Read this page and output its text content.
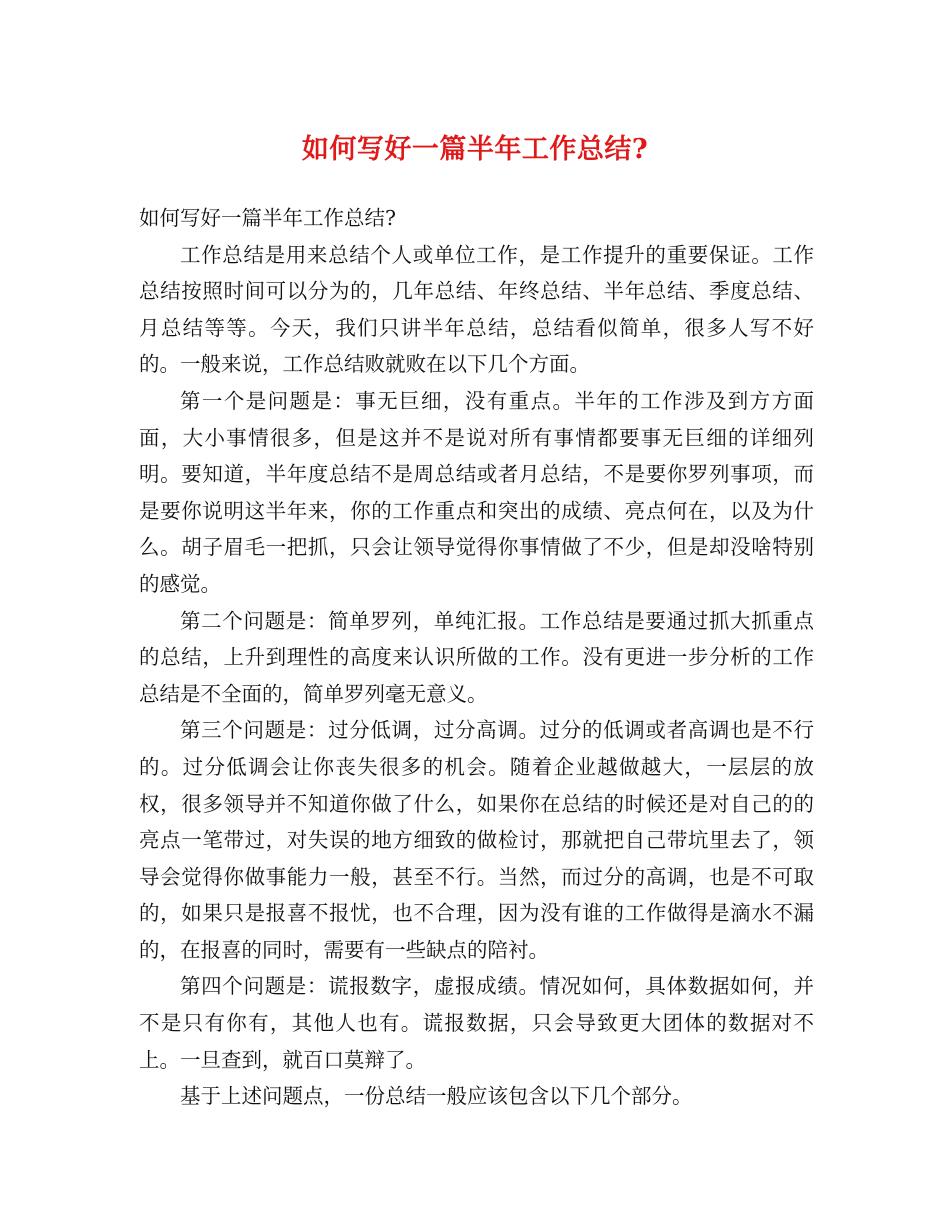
如何写好一篇半年工作总结?

如何写好一篇半年工作总结?

工作总结是用来总结个人或单位工作，是工作提升的重要保证。工作总结按照时间可以分为的，几年总结、年终总结、半年总结、季度总结、月总结等等。今天，我们只讲半年总结，总结看似简单，很多人写不好的。一般来说，工作总结败就败在以下几个方面。

第一个是问题是：事无巨细，没有重点。半年的工作涉及到方方面面，大小事情很多，但是这并不是说对所有事情都要事无巨细的详细列明。要知道，半年度总结不是周总结或者月总结，不是要你罗列事项，而是要你说明这半年来，你的工作重点和突出的成绩、亮点何在，以及为什么。胡子眉毛一把抓，只会让领导觉得你事情做了不少，但是却没啥特别的感觉。

第二个问题是：简单罗列，单纯汇报。工作总结是要通过抓大抓重点的总结，上升到理性的高度来认识所做的工作。没有更进一步分析的工作总结是不全面的，简单罗列毫无意义。

第三个问题是：过分低调，过分高调。过分的低调或者高调也是不行的。过分低调会让你丧失很多的机会。随着企业越做越大，一层层的放权，很多领导并不知道你做了什么，如果你在总结的时候还是对自己的的亮点一笔带过，对失误的地方细致的做检讨，那就把自己带坑里去了，领导会觉得你做事能力一般，甚至不行。当然，而过分的高调，也是不可取的，如果只是报喜不报忧，也不合理，因为没有谁的工作做得是滴水不漏的，在报喜的同时，需要有一些缺点的陪衬。

第四个问题是：谎报数字，虚报成绩。情况如何，具体数据如何，并不是只有你有，其他人也有。谎报数据，只会导致更大团体的数据对不上。一旦查到，就百口莫辩了。

基于上述问题点，一份总结一般应该包含以下几个部分。
